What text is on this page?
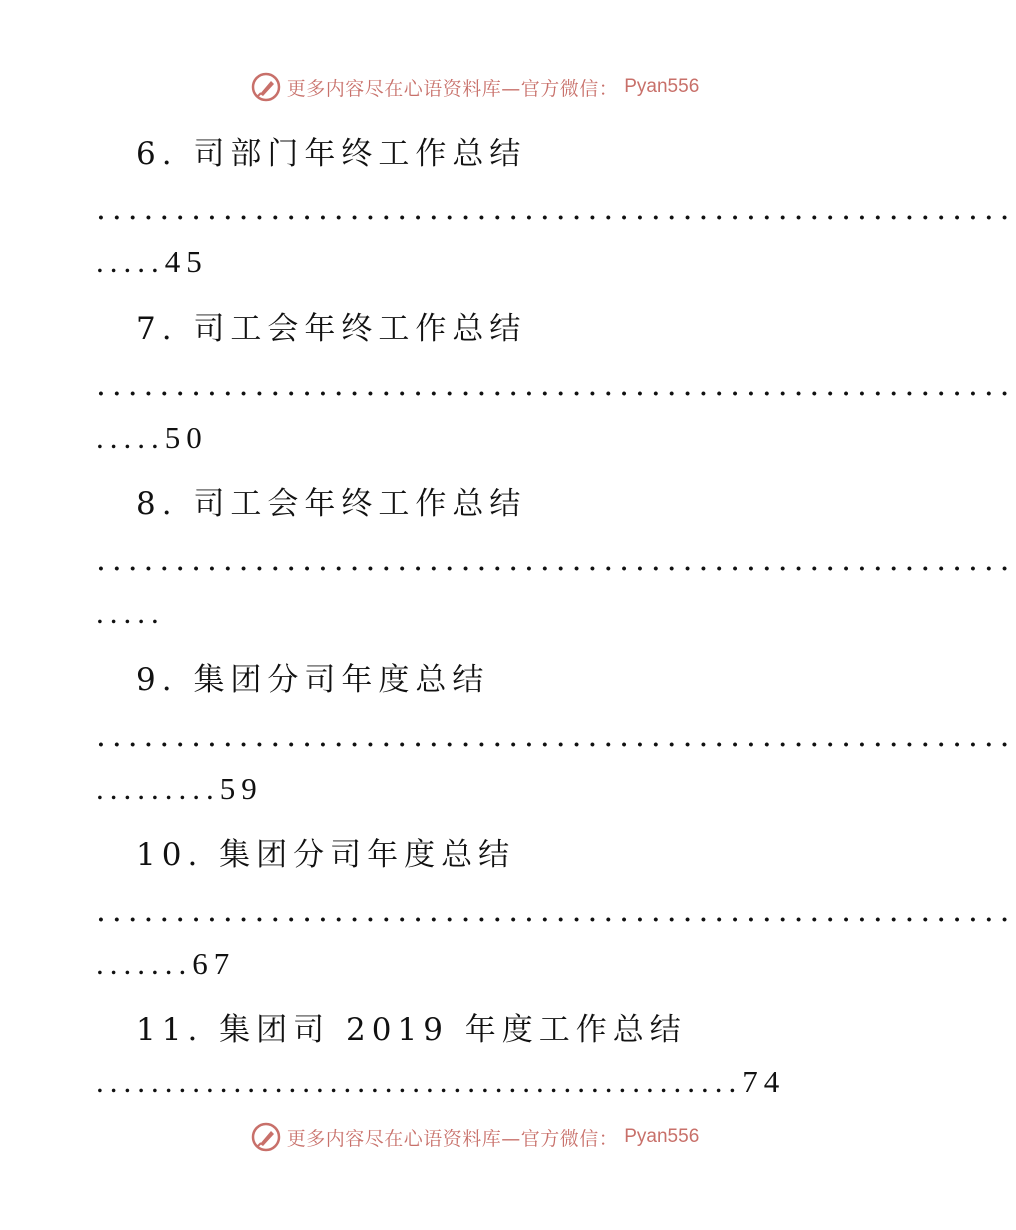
更多内容尽在心语资料库—官方微信： Pyan556
6. 司部门年终工作总结
..........................................................
.....45
7. 司工会年终工作总结
..........................................................
.....50
8. 司工会年终工作总结
..........................................................
.....
9. 集团分司年度总结
..........................................................
.........59
10. 集团分司年度总结
..........................................................
.......67
11. 集团司 2019 年度工作总结
...............................................74
更多内容尽在心语资料库—官方微信： Pyan556
